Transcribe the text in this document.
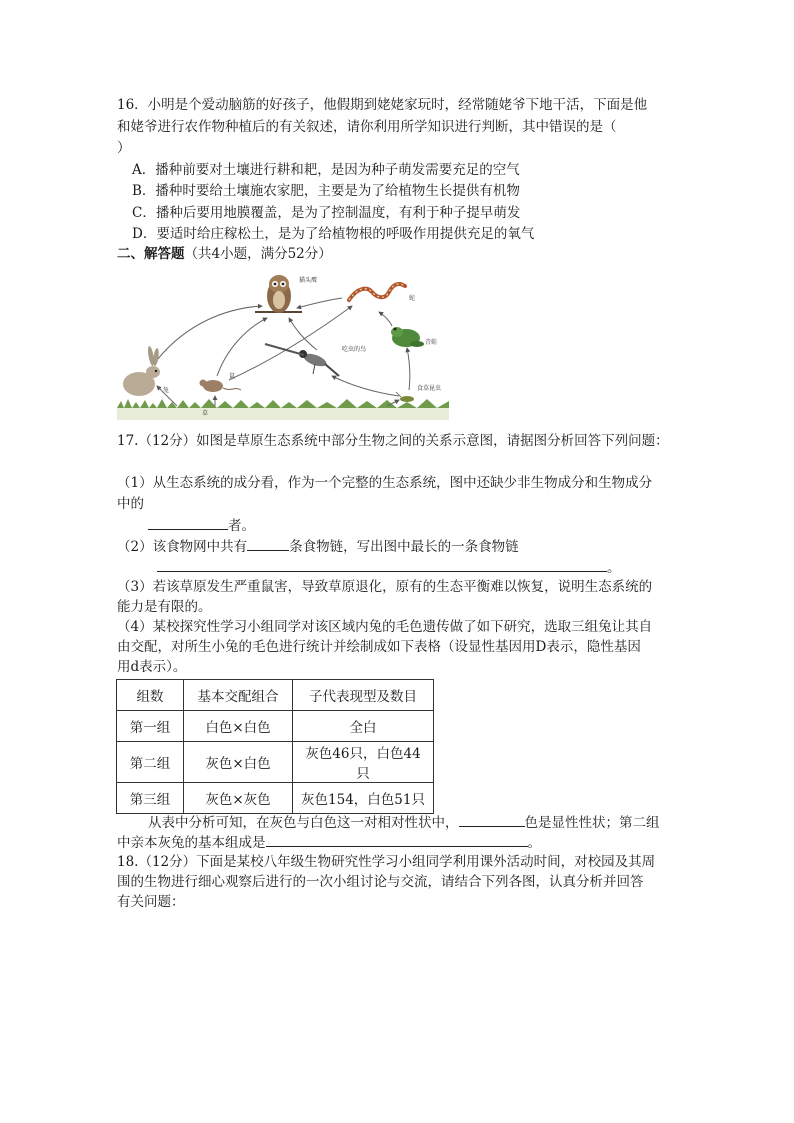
16．小明是个爱动脑筋的好孩子，他假期到姥姥家玩时，经常随姥爷下地干活，下面是他
和姥爷进行农作物种植后的有关叙述，请你利用所学知识进行判断，其中错误的是（
）
A．播种前要对土壤进行耕和耙，是因为种子萌发需要充足的空气
B．播种时要给土壤施农家肥，主要是为了给植物生长提供有机物
C．播种后要用地膜覆盖，是为了控制温度，有利于种子提早萌发
D．要适时给庄稼松土，是为了给植物根的呼吸作用提供充足的氧气
二、解答题（共4小题，满分52分）
猫头鹰
蛇
青蛙
吃虫的鸟
兔
鼠
草
食草昆虫
17.（12分）如图是草原生态系统中部分生物之间的关系示意图，请据图分析回答下列问题：
（1）从生态系统的成分看，作为一个完整的生态系统，图中还缺少非生物成分和生物成分
中的
者。
（2）该食物网中共有	条食物链，写出图中最长的一条食物链
。
（3）若该草原发生严重鼠害，导致草原退化，原有的生态平衡难以恢复，说明生态系统的
能力是有限的。
（4）某校探究性学习小组同学对该区域内兔的毛色遗传做了如下研究，选取三组兔让其自
由交配，对所生小兔的毛色进行统计并绘制成如下表格（设显性基因用D表示，隐性基因
用d表示）。
组数	基本交配组合	子代表现型及数目
第一组	白色×白色	全白
第二组	灰色×白色	灰色46只，白色44只
第三组	灰色×灰色	灰色154，白色51只
从表中分析可知，在灰色与白色这一对相对性状中，	色是显性性状；第二组
中亲本灰兔的基本组成是	。
18.（12分）下面是某校八年级生物研究性学习小组同学利用课外活动时间，对校园及其周
围的生物进行细心观察后进行的一次小组讨论与交流，请结合下列各图，认真分析并回答
有关问题：
